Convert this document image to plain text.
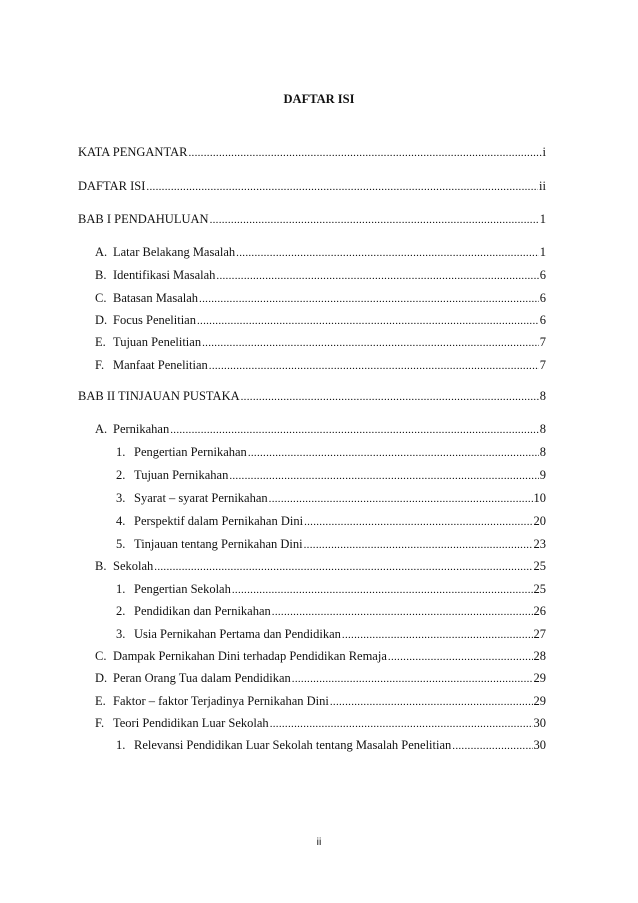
DAFTAR ISI
KATA PENGANTAR .....	i
DAFTAR ISI .....	ii
BAB I PENDAHULUAN .....	1
A. Latar Belakang Masalah .....	1
B. Identifikasi Masalah .....	6
C. Batasan Masalah .....	6
D. Focus Penelitian .....	6
E. Tujuan Penelitian .....	7
F. Manfaat Penelitian .....	7
BAB II TINJAUAN PUSTAKA .....	8
A. Pernikahan .....	8
1. Pengertian Pernikahan .....	8
2. Tujuan Pernikahan .....	9
3. Syarat – syarat Pernikahan .....	10
4. Perspektif dalam Pernikahan Dini .....	20
5. Tinjauan tentang Pernikahan Dini .....	23
B. Sekolah .....	25
1. Pengertian Sekolah .....	25
2. Pendidikan dan Pernikahan .....	26
3. Usia Pernikahan Pertama dan Pendidikan .....	27
C. Dampak Pernikahan Dini terhadap Pendidikan Remaja .....	28
D. Peran Orang Tua dalam Pendidikan .....	29
E. Faktor – faktor Terjadinya Pernikahan Dini .....	29
F. Teori Pendidikan Luar Sekolah .....	30
1. Relevansi Pendidikan Luar Sekolah tentang Masalah Penelitian .....	30
ii
